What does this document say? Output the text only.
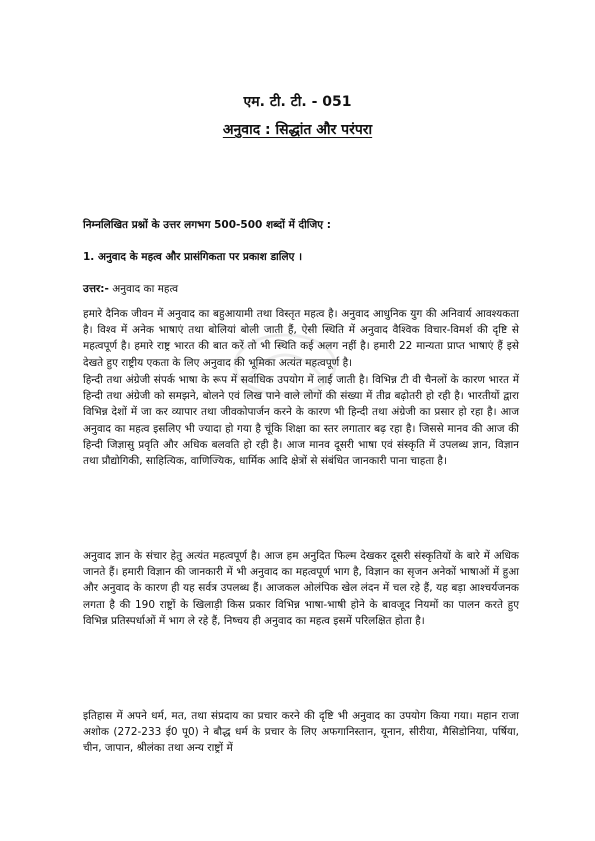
एम. टी. टी. - 051
अनुवाद : सिद्धांत और परंपरा
निम्नलिखित प्रश्नों के उत्तर लगभग 500-500 शब्दों में दीजिए :
1. अनुवाद के महत्व और प्रासंगिकता पर प्रकाश डालिए ।
उत्तर:- अनुवाद का महत्व

हमारे दैनिक जीवन में अनुवाद का बहुआयामी तथा विस्तृत महत्व है। अनुवाद आधुनिक युग की अनिवार्य आवश्यकता है। विश्व में अनेक भाषाएं तथा बोलियां बोली जाती हैं, ऐसी स्थिति में अनुवाद वैश्विक विचार-विमर्श की दृष्टि से महत्वपूर्ण है। हमारे राष्ट्र भारत की बात करें तो भी स्थिति कई अलग नहीं है। हमारी 22 मान्यता प्राप्त भाषाएं हैं इसे देखते हुए राष्ट्रीय एकता के लिए अनुवाद की भूमिका अत्यंत महत्वपूर्ण है।

हिन्दी तथा अंग्रेजी संपर्क भाषा के रूप में सर्वाधिक उपयोग में लाई जाती है। विभिन्न टी वी चैनलों के कारण भारत में हिन्दी तथा अंग्रेजी को समझने, बोलने एवं लिख पाने वाले लोगों की संख्या में तीव्र बढ़ोतरी हो रही है। भारतीयों द्वारा विभिन्न देशों में जा कर व्यापार तथा जीवकोपार्जन करने के कारण भी हिन्दी तथा अंग्रेजी का प्रसार हो रहा है। आज अनुवाद का महत्व इसलिए भी ज्यादा हो गया है चूंकि शिक्षा का स्तर लगातार बढ़ रहा है। जिससे मानव की आज की हिन्दी जिज्ञासु प्रवृति और अधिक बलवति हो रही है। आज मानव दूसरी भाषा एवं संस्कृति में उपलब्ध ज्ञान, विज्ञान तथा प्रौद्योगिकी, साहित्यिक, वाणिज्यिक, धार्मिक आदि क्षेत्रों से संबंधित जानकारी पाना चाहता है।

अनुवाद ज्ञान के संचार हेतु अत्यंत महत्वपूर्ण है। आज हम अनुदित फिल्म देखकर दूसरी संस्कृतियों के बारे में अधिक जानते हैं। हमारी विज्ञान की जानकारी में भी अनुवाद का महत्वपूर्ण भाग है, विज्ञान का सृजन अनेकों भाषाओं में हुआ और अनुवाद के कारण ही यह सर्वत्र उपलब्ध हैं। आजकल ओलंपिक खेल लंदन में चल रहे हैं, यह बड़ा आश्चर्यजनक लगता है की 190 राष्ट्रों के खिलाड़ी किस प्रकार विभिन्न भाषा-भाषी होने के बावजूद नियमों का पालन करते हुए विभिन्न प्रतिस्पर्धाओं में भाग ले रहे हैं, निष्चय ही अनुवाद का महत्व इसमें परिलक्षित होता है।

इतिहास में अपने धर्म, मत, तथा संप्रदाय का प्रचार करने की दृष्टि भी अनुवाद का उपयोग किया गया। महान राजा अशोक (272-233 ई0 पू0) ने बौद्ध धर्म के प्रचार के लिए अफगानिस्तान, यूनान, सीरीया, मैसिडोनिया, पर्षिया, चीन, जापान, श्रीलंका तथा अन्य राष्ट्रों में
